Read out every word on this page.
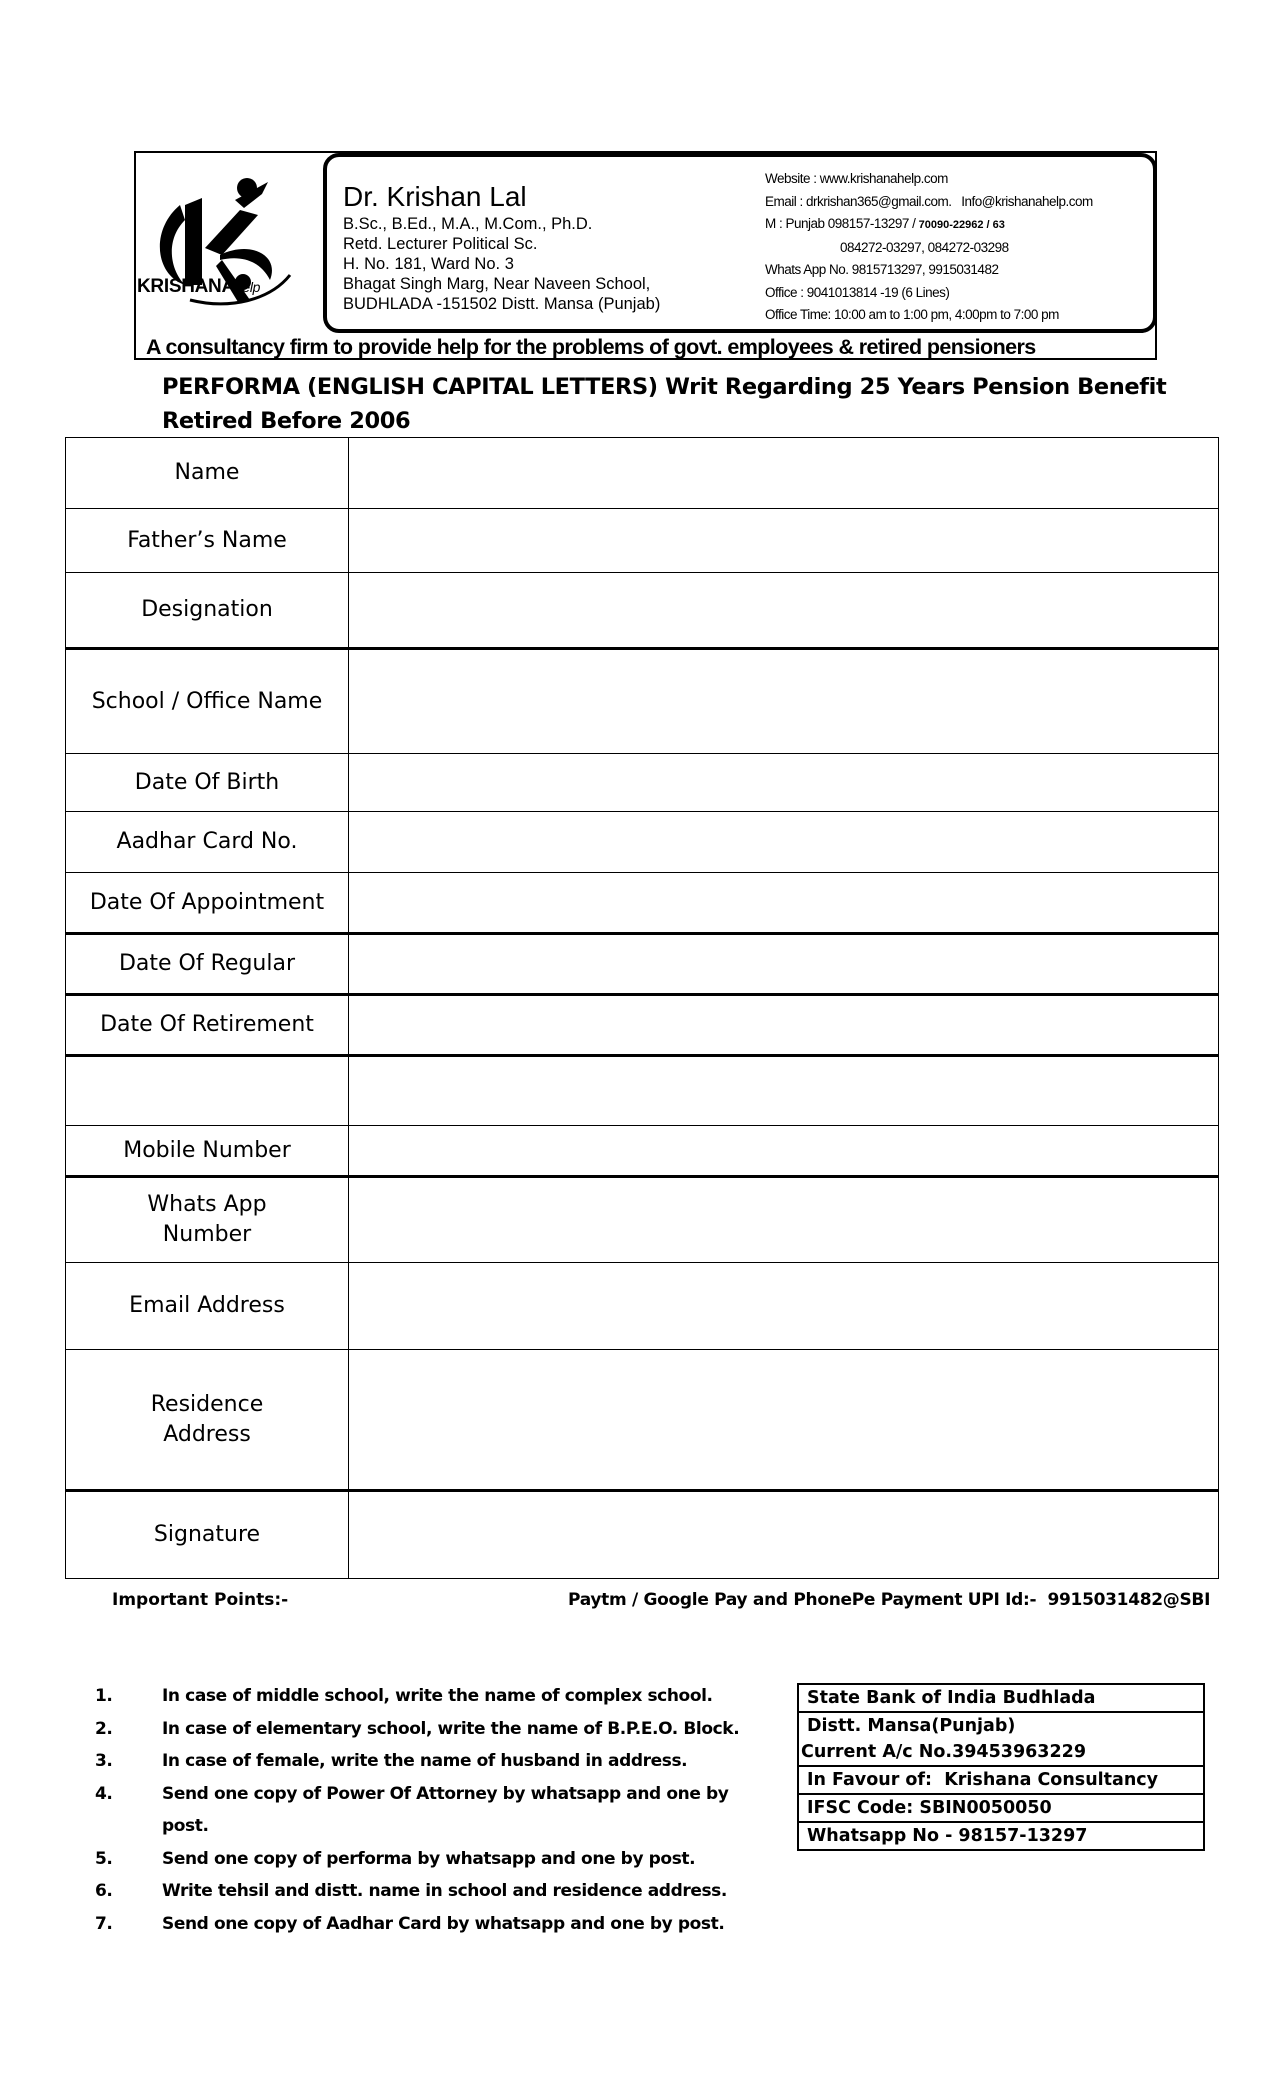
KRISHANAhelp
Dr. Krishan Lal
B.Sc., B.Ed., M.A., M.Com., Ph.D.
Retd. Lecturer Political Sc.
H. No. 181, Ward No. 3
Bhagat Singh Marg, Near Naveen School,
BUDHLADA -151502 Distt. Mansa (Punjab)
Website : www.krishanahelp.com
Email : drkrishan365@gmail.com.   Info@krishanahelp.com
M : Punjab 098157-13297 / 70090-22962 / 63
084272-03297, 084272-03298
Whats App No. 9815713297, 9915031482
Office : 9041013814 -19 (6 Lines)
Office Time: 10:00 am to 1:00 pm, 4:00pm to 7:00 pm
A consultancy firm to provide help for the problems of govt. employees & retired pensioners
PERFORMA (ENGLISH CAPITAL LETTERS) Writ Regarding 25 Years Pension Benefit
Retired Before 2006
Name	
Father’s Name	
Designation	
School / Office Name	
Date Of Birth	
Aadhar Card No.	
Date Of Appointment	
Date Of Regular	
Date Of Retirement	

Mobile Number	
Whats App Number	
Email Address	
Residence Address	
Signature	
Important Points:-	Paytm / Google Pay and PhonePe Payment UPI Id:-  9915031482@SBI
1.	In case of middle school, write the name of complex school.
2.	In case of elementary school, write the name of B.P.E.O. Block.
3.	In case of female, write the name of husband in address.
4.	Send one copy of Power Of Attorney by whatsapp and one by post.
5.	Send one copy of performa by whatsapp and one by post.
6.	Write tehsil and distt. name in school and residence address.
7.	Send one copy of Aadhar Card by whatsapp and one by post.
State Bank of India Budhlada

Distt. Mansa(Punjab)
Current A/c No.39453963229

In Favour of:  Krishana Consultancy
IFSC Code: SBIN0050050
Whatsapp No - 98157-13297
